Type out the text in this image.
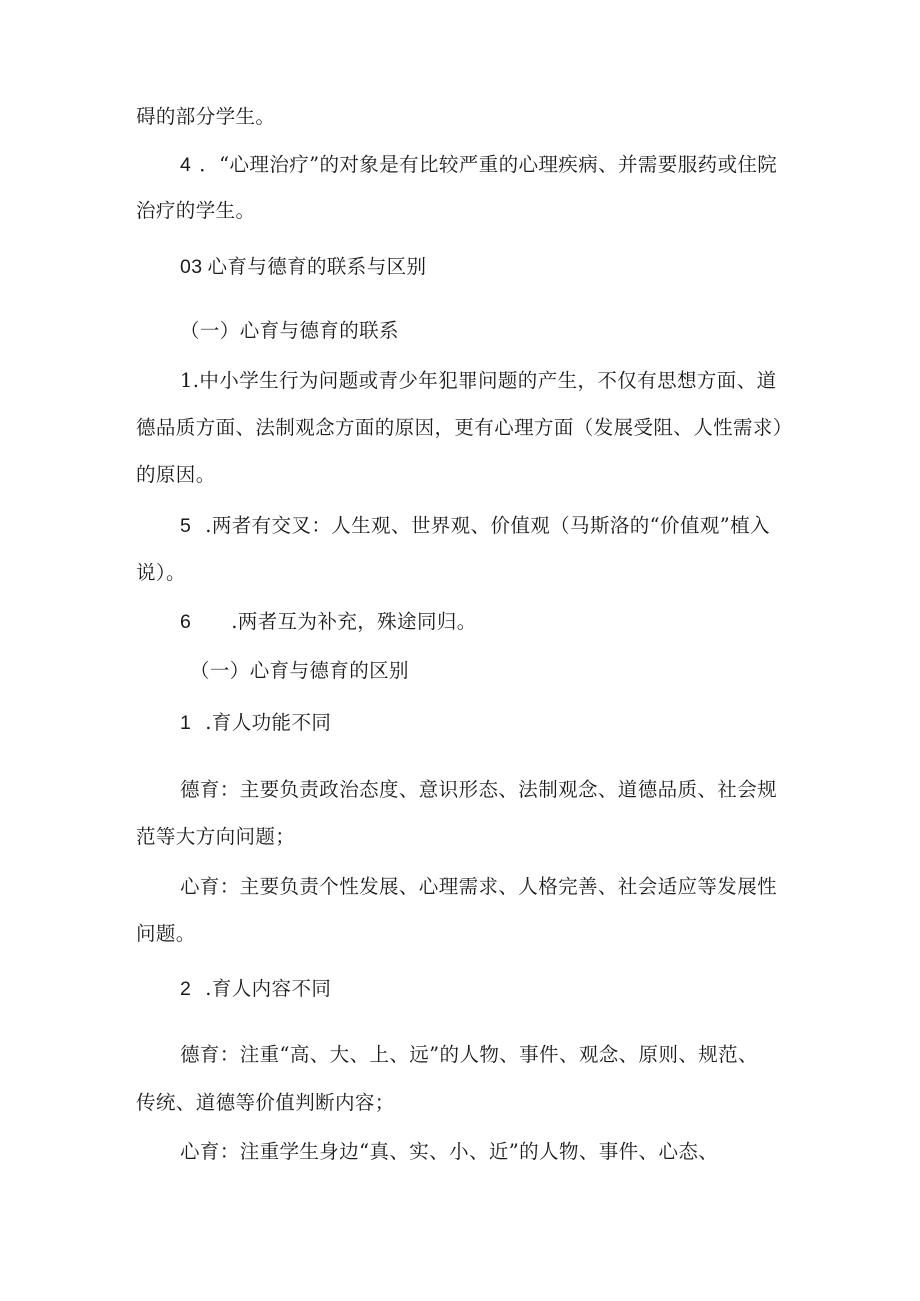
碍的部分学生。
4 ．“心理治疗”的对象是有比较严重的心理疾病、并需要服药或住院
治疗的学生。
03 心育与德育的联系与区别
（一）心育与德育的联系
1.中小学生行为问题或青少年犯罪问题的产生，不仅有思想方面、道
德品质方面、法制观念方面的原因，更有心理方面（发展受阻、人性需求）
的原因。
5 .两者有交叉：人生观、世界观、价值观（马斯洛的“价值观”植入
说）。
6 .两者互为补充，殊途同归。
（一）心育与德育的区别
1 .育人功能不同
德育：主要负责政治态度、意识形态、法制观念、道德品质、社会规
范等大方向问题；
心育：主要负责个性发展、心理需求、人格完善、社会适应等发展性
问题。
2 .育人内容不同
德育：注重“高、大、上、远”的人物、事件、观念、原则、规范、
传统、道德等价值判断内容；
心育：注重学生身边“真、实、小、近”的人物、事件、心态、
